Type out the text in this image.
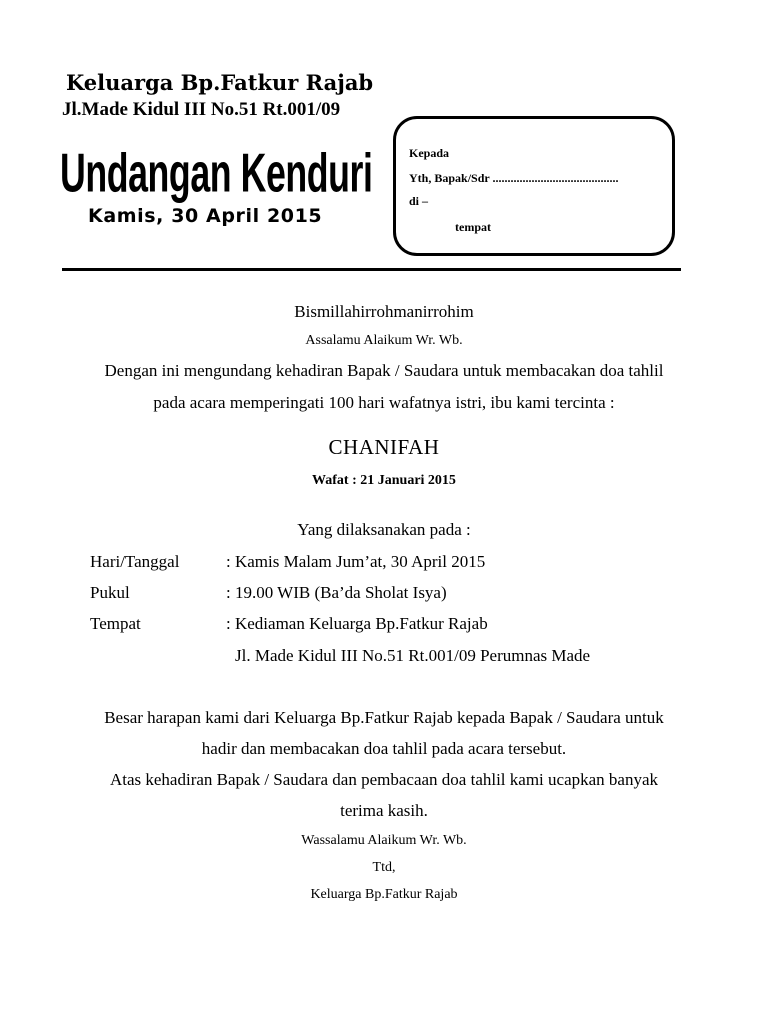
Keluarga Bp.Fatkur Rajab
Jl.Made Kidul III No.51 Rt.001/09
Undangan Kenduri
Kamis, 30 April 2015
Kepada
Yth, Bapak/Sdr ..........................................
di –
tempat
Bismillahirrohmanirrohim
Assalamu Alaikum Wr. Wb.
Dengan ini mengundang kehadiran Bapak / Saudara untuk membacakan doa tahlil
pada acara memperingati 100 hari wafatnya istri, ibu kami tercinta :
CHANIFAH
Wafat : 21 Januari 2015
Yang dilaksanakan pada :
Hari/Tanggal	: Kamis Malam Jum’at, 30 April 2015
Pukul	: 19.00 WIB (Ba’da Sholat Isya)
Tempat	: Kediaman Keluarga Bp.Fatkur Rajab
Jl. Made Kidul III No.51 Rt.001/09 Perumnas Made
Besar harapan kami dari Keluarga Bp.Fatkur Rajab kepada Bapak / Saudara untuk
hadir dan membacakan doa tahlil pada acara tersebut.
Atas kehadiran Bapak / Saudara dan pembacaan doa tahlil kami ucapkan banyak
terima kasih.
Wassalamu Alaikum Wr. Wb.
Ttd,
Keluarga Bp.Fatkur Rajab
